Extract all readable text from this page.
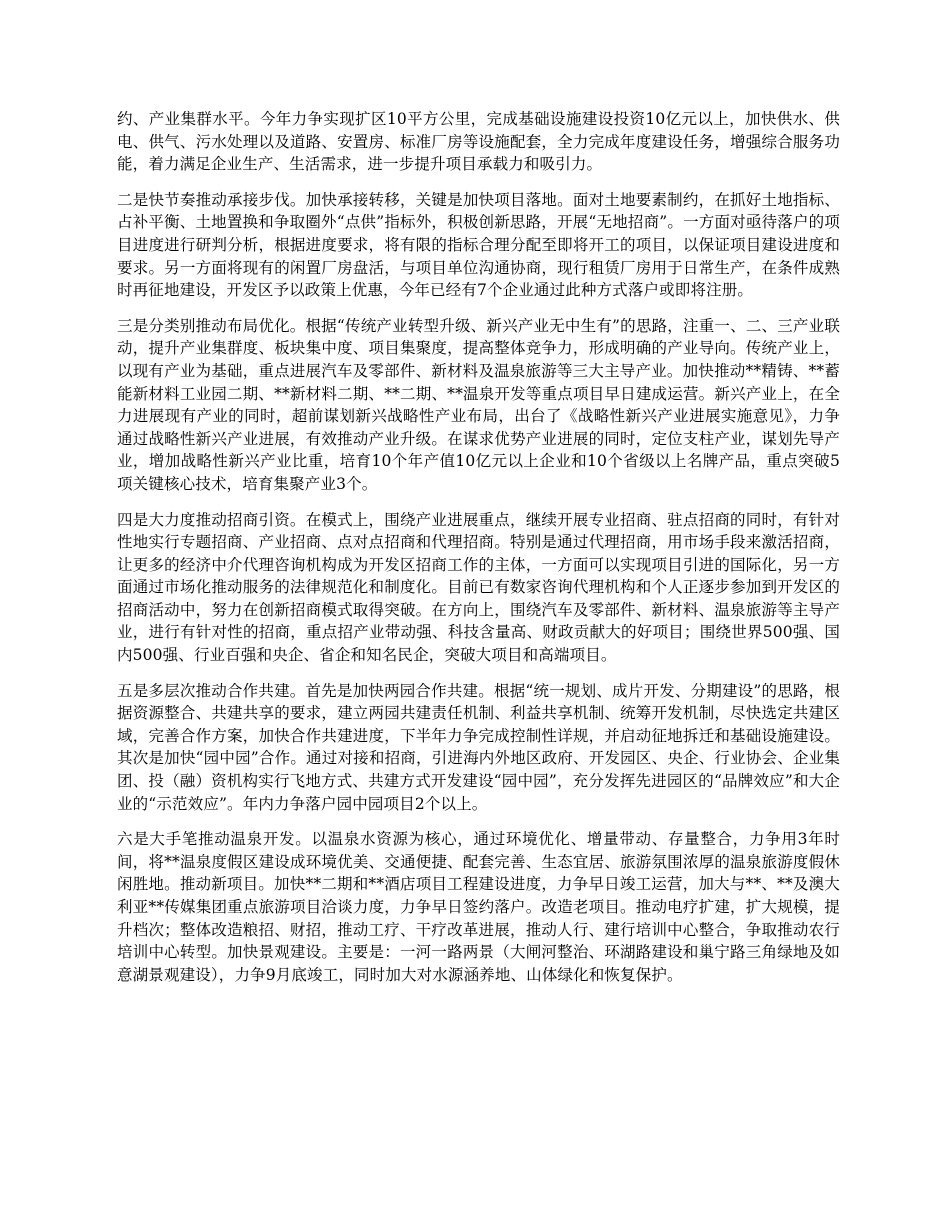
约、产业集群水平。今年力争实现扩区10平方公里，完成基础设施建设投资10亿元以上，加快供水、供电、供气、污水处理以及道路、安置房、标准厂房等设施配套，全力完成年度建设任务，增强综合服务功能，着力满足企业生产、生活需求，进一步提升项目承载力和吸引力。

二是快节奏推动承接步伐。加快承接转移，关键是加快项目落地。面对土地要素制约，在抓好土地指标、占补平衡、土地置换和争取圈外“点供”指标外，积极创新思路，开展“无地招商”。一方面对亟待落户的项目进度进行研判分析，根据进度要求，将有限的指标合理分配至即将开工的项目，以保证项目建设进度和要求。另一方面将现有的闲置厂房盘活，与项目单位沟通协商，现行租赁厂房用于日常生产，在条件成熟时再征地建设，开发区予以政策上优惠，今年已经有7个企业通过此种方式落户或即将注册。

三是分类别推动布局优化。根据“传统产业转型升级、新兴产业无中生有”的思路，注重一、二、三产业联动，提升产业集群度、板块集中度、项目集聚度，提高整体竞争力，形成明确的产业导向。传统产业上，以现有产业为基础，重点进展汽车及零部件、新材料及温泉旅游等三大主导产业。加快推动**精铸、**蓄能新材料工业园二期、**新材料二期、**二期、**温泉开发等重点项目早日建成运营。新兴产业上，在全力进展现有产业的同时，超前谋划新兴战略性产业布局，出台了《战略性新兴产业进展实施意见》，力争通过战略性新兴产业进展，有效推动产业升级。在谋求优势产业进展的同时，定位支柱产业，谋划先导产业，增加战略性新兴产业比重，培育10个年产值10亿元以上企业和10个省级以上名牌产品，重点突破5项关键核心技术，培育集聚产业3个。

四是大力度推动招商引资。在模式上，围绕产业进展重点，继续开展专业招商、驻点招商的同时，有针对性地实行专题招商、产业招商、点对点招商和代理招商。特别是通过代理招商，用市场手段来激活招商，让更多的经济中介代理咨询机构成为开发区招商工作的主体，一方面可以实现项目引进的国际化，另一方面通过市场化推动服务的法律规范化和制度化。目前已有数家咨询代理机构和个人正逐步参加到开发区的招商活动中，努力在创新招商模式取得突破。在方向上，围绕汽车及零部件、新材料、温泉旅游等主导产业，进行有针对性的招商，重点招产业带动强、科技含量高、财政贡献大的好项目；围绕世界500强、国内500强、行业百强和央企、省企和知名民企，突破大项目和高端项目。

五是多层次推动合作共建。首先是加快两园合作共建。根据“统一规划、成片开发、分期建设”的思路，根据资源整合、共建共享的要求，建立两园共建责任机制、利益共享机制、统筹开发机制，尽快选定共建区域，完善合作方案，加快合作共建进度，下半年力争完成控制性详规，并启动征地拆迁和基础设施建设。其次是加快“园中园”合作。通过对接和招商，引进海内外地区政府、开发园区、央企、行业协会、企业集团、投（融）资机构实行飞地方式、共建方式开发建设“园中园”，充分发挥先进园区的“品牌效应”和大企业的“示范效应”。年内力争落户园中园项目2个以上。

六是大手笔推动温泉开发。以温泉水资源为核心，通过环境优化、增量带动、存量整合，力争用3年时间，将**温泉度假区建设成环境优美、交通便捷、配套完善、生态宜居、旅游氛围浓厚的温泉旅游度假休闲胜地。推动新项目。加快**二期和**酒店项目工程建设进度，力争早日竣工运营，加大与**、**及澳大利亚**传媒集团重点旅游项目洽谈力度，力争早日签约落户。改造老项目。推动电疗扩建，扩大规模，提升档次；整体改造粮招、财招，推动工疗、干疗改革进展，推动人行、建行培训中心整合，争取推动农行培训中心转型。加快景观建设。主要是：一河一路两景（大闸河整治、环湖路建设和巢宁路三角绿地及如意湖景观建设），力争9月底竣工，同时加大对水源涵养地、山体绿化和恢复保护。
